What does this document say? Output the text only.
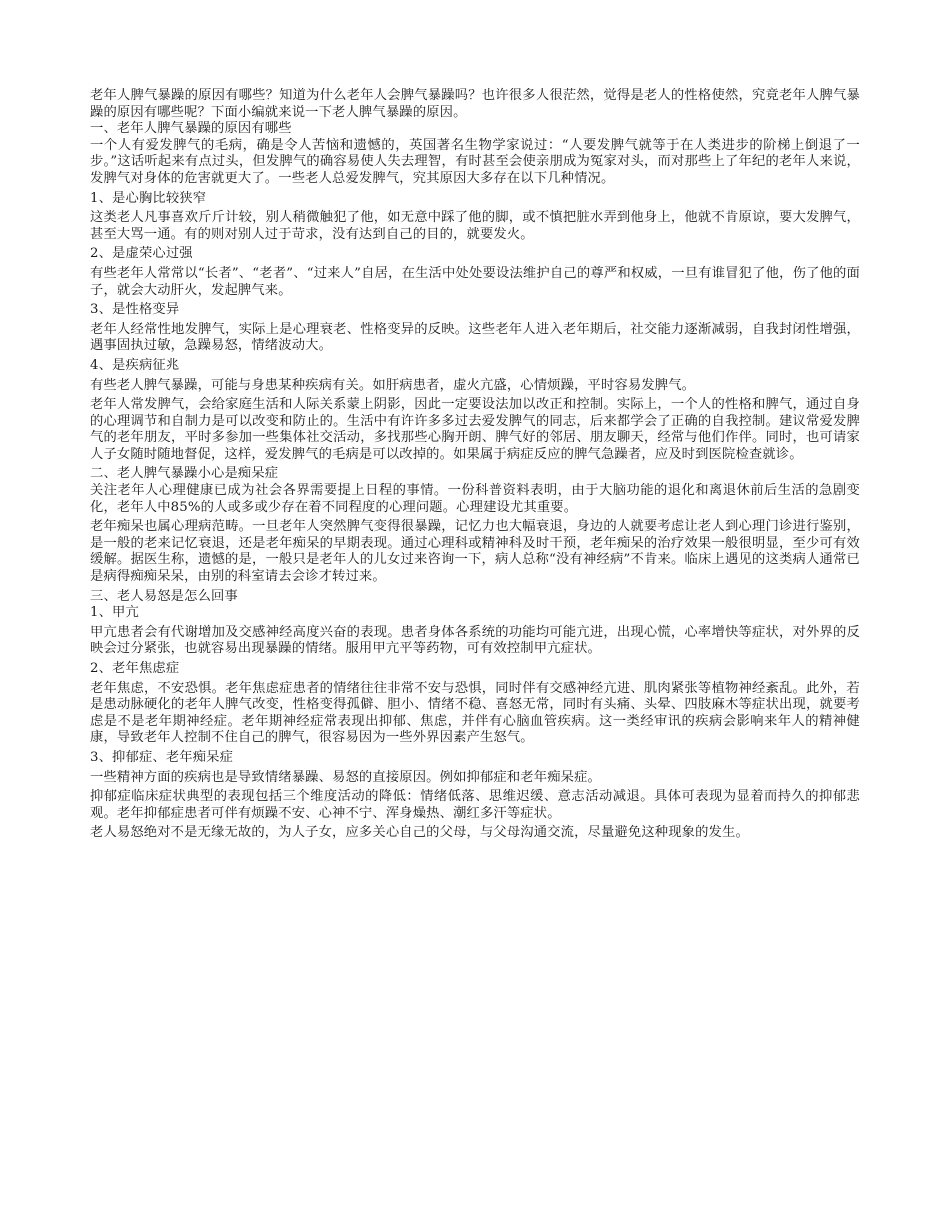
老年人脾气暴躁的原因有哪些？知道为什么老年人会脾气暴躁吗？也许很多人很茫然，觉得是老人的性格使然，究竟老年人脾气暴躁的原因有哪些呢？下面小编就来说一下老人脾气暴躁的原因。

一、老年人脾气暴躁的原因有哪些

一个人有爱发脾气的毛病，确是令人苦恼和遗憾的，英国著名生物学家说过：“人要发脾气就等于在人类进步的阶梯上倒退了一步。”这话听起来有点过头，但发脾气的确容易使人失去理智，有时甚至会使亲朋成为冤家对头，而对那些上了年纪的老年人来说，发脾气对身体的危害就更大了。一些老人总爱发脾气，究其原因大多存在以下几种情况。

1、是心胸比较狭窄

这类老人凡事喜欢斤斤计较，别人稍微触犯了他，如无意中踩了他的脚，或不慎把脏水弄到他身上，他就不肯原谅，要大发脾气，甚至大骂一通。有的则对别人过于苛求，没有达到自己的目的，就要发火。

2、是虚荣心过强

有些老年人常常以“长者”、“老者”、“过来人”自居，在生活中处处要设法维护自己的尊严和权威，一旦有谁冒犯了他，伤了他的面子，就会大动肝火，发起脾气来。

3、是性格变异

老年人经常性地发脾气，实际上是心理衰老、性格变异的反映。这些老年人进入老年期后，社交能力逐渐减弱，自我封闭性增强，遇事固执过敏，急躁易怒，情绪波动大。

4、是疾病征兆

有些老人脾气暴躁，可能与身患某种疾病有关。如肝病患者，虚火亢盛，心情烦躁，平时容易发脾气。

老年人常发脾气，会给家庭生活和人际关系蒙上阴影，因此一定要设法加以改正和控制。实际上，一个人的性格和脾气，通过自身的心理调节和自制力是可以改变和防止的。生活中有许许多多过去爱发脾气的同志，后来都学会了正确的自我控制。建议常爱发脾气的老年朋友，平时多参加一些集体社交活动，多找那些心胸开朗、脾气好的邻居、朋友聊天，经常与他们作伴。同时，也可请家人子女随时随地督促，这样，爱发脾气的毛病是可以改掉的。如果属于病症反应的脾气急躁者，应及时到医院检查就诊。

二、老人脾气暴躁小心是痴呆症

关注老年人心理健康已成为社会各界需要提上日程的事情。一份科普资料表明，由于大脑功能的退化和离退休前后生活的急剧变化，老年人中85%的人或多或少存在着不同程度的心理问题。心理建设尤其重要。

老年痴呆也属心理病范畴。一旦老年人突然脾气变得很暴躁，记忆力也大幅衰退，身边的人就要考虑让老人到心理门诊进行鉴别，是一般的老来记忆衰退，还是老年痴呆的早期表现。通过心理科或精神科及时干预，老年痴呆的治疗效果一般很明显，至少可有效缓解。据医生称，遗憾的是，一般只是老年人的儿女过来咨询一下，病人总称“没有神经病”不肯来。临床上遇见的这类病人通常已是病得痴痴呆呆，由别的科室请去会诊才转过来。

三、老人易怒是怎么回事

1、甲亢

甲亢患者会有代谢增加及交感神经高度兴奋的表现。患者身体各系统的功能均可能亢进，出现心慌，心率增快等症状，对外界的反映会过分紧张，也就容易出现暴躁的情绪。服用甲亢平等药物，可有效控制甲亢症状。

2、老年焦虑症

老年焦虑，不安恐惧。老年焦虑症患者的情绪往往非常不安与恐惧，同时伴有交感神经亢进、肌肉紧张等植物神经紊乱。此外，若是患动脉硬化的老年人脾气改变，性格变得孤僻、胆小、情绪不稳、喜怒无常，同时有头痛、头晕、四肢麻木等症状出现，就要考虑是不是老年期神经症。老年期神经症常表现出抑郁、焦虑，并伴有心脑血管疾病。这一类经审讯的疾病会影响来年人的精神健康，导致老年人控制不住自己的脾气，很容易因为一些外界因素产生怒气。

3、抑郁症、老年痴呆症

一些精神方面的疾病也是导致情绪暴躁、易怒的直接原因。例如抑郁症和老年痴呆症。

抑郁症临床症状典型的表现包括三个维度活动的降低：情绪低落、思维迟缓、意志活动减退。具体可表现为显着而持久的抑郁悲观。老年抑郁症患者可伴有烦躁不安、心神不宁、浑身燥热、潮红多汗等症状。

老人易怒绝对不是无缘无故的，为人子女，应多关心自己的父母，与父母沟通交流，尽量避免这种现象的发生。
